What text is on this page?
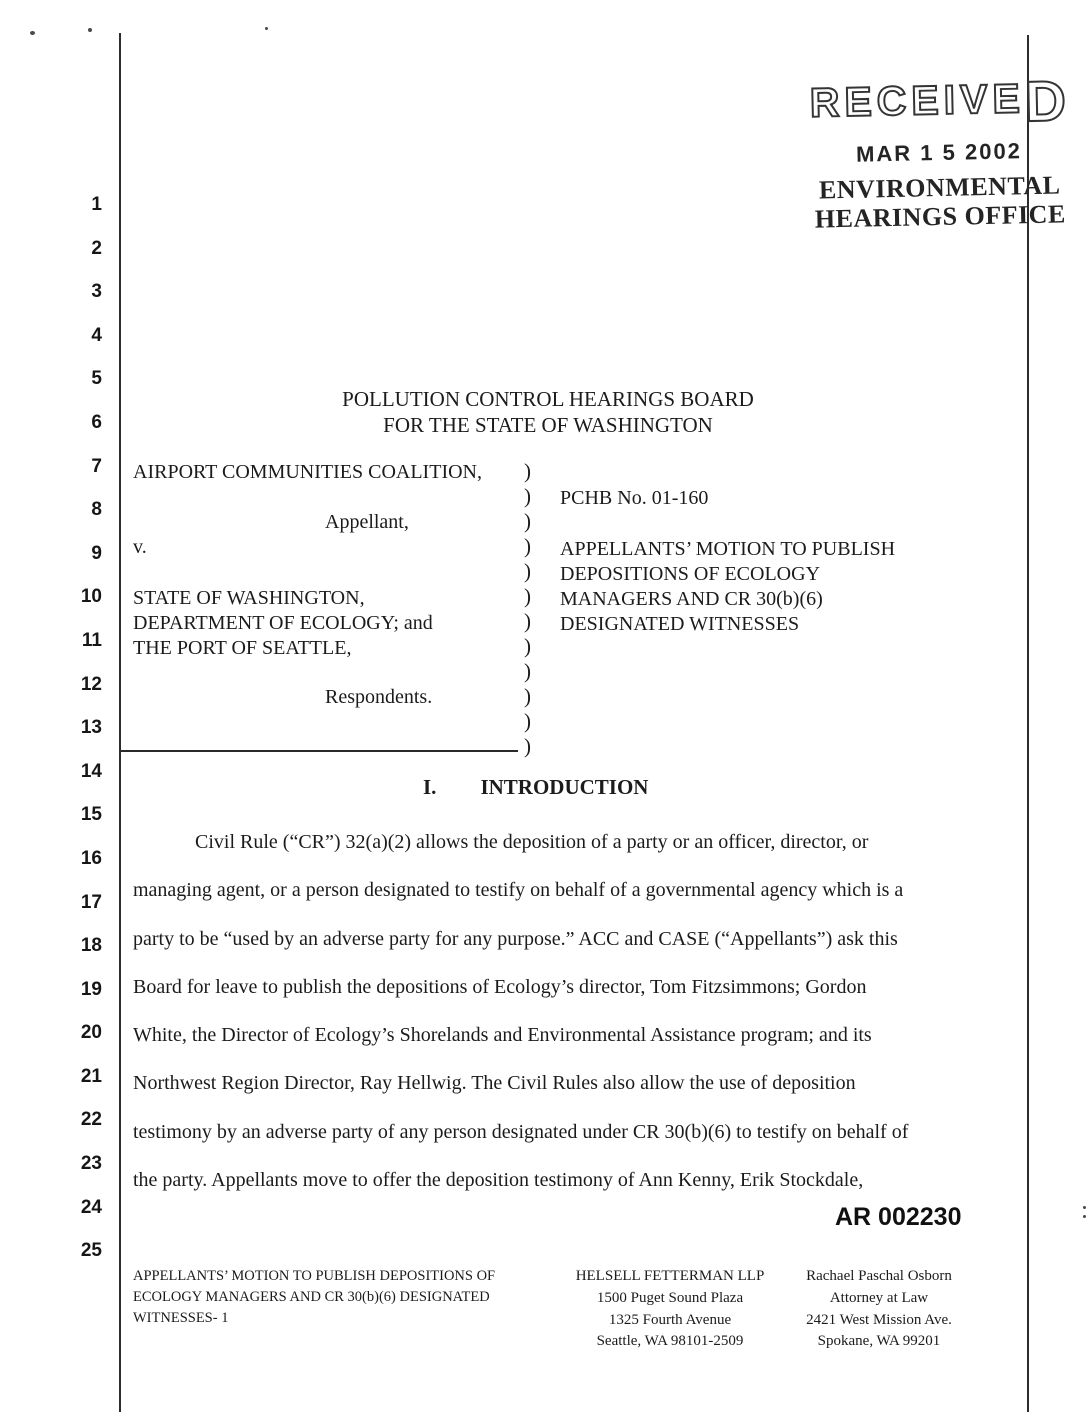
1
2
3
4
5
6
7
8
9
10
11
12
13
14
15
16
17
18
19
20
21
22
23
24
25
RECEIVED
MAR 1 5 2002
ENVIRONMENTAL
HEARINGS OFFICE
POLLUTION CONTROL HEARINGS BOARD
FOR THE STATE OF WASHINGTON
AIRPORT COMMUNITIES COALITION,
Appellant,
v.
STATE OF WASHINGTON,
DEPARTMENT OF ECOLOGY; and
THE PORT OF SEATTLE,
Respondents.
)
)
)
)
)
)
)
)
)
)
)
)
PCHB No. 01-160
APPELLANTS’ MOTION TO PUBLISH
DEPOSITIONS OF ECOLOGY
MANAGERS AND CR 30(b)(6)
DESIGNATED WITNESSES
I. INTRODUCTION
Civil Rule (“CR”) 32(a)(2) allows the deposition of a party or an officer, director, or
managing agent, or a person designated to testify on behalf of a governmental agency which is a
party to be “used by an adverse party for any purpose.” ACC and CASE (“Appellants”) ask this
Board for leave to publish the depositions of Ecology’s director, Tom Fitzsimmons; Gordon
White, the Director of Ecology’s Shorelands and Environmental Assistance program; and its
Northwest Region Director, Ray Hellwig. The Civil Rules also allow the use of deposition
testimony by an adverse party of any person designated under CR 30(b)(6) to testify on behalf of
the party. Appellants move to offer the deposition testimony of Ann Kenny, Erik Stockdale,
AR 002230
APPELLANTS’ MOTION TO PUBLISH DEPOSITIONS OF
ECOLOGY MANAGERS AND CR 30(b)(6) DESIGNATED
WITNESSES- 1
HELSELL FETTERMAN LLP
1500 Puget Sound Plaza
1325 Fourth Avenue
Seattle, WA 98101-2509
Rachael Paschal Osborn
Attorney at Law
2421 West Mission Ave.
Spokane, WA 99201
